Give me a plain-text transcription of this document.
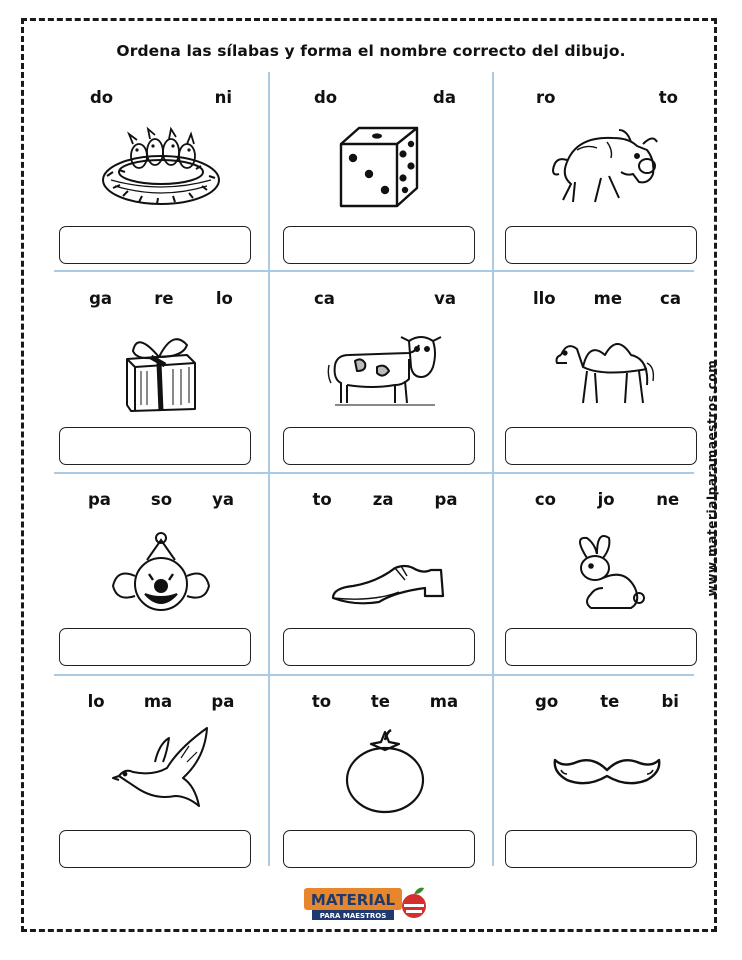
Ordena las sílabas y forma el nombre correcto del dibujo.
do	ni	do	da	ro	to
ga	re	lo	ca	va	llo me ca
pa so ya	to za pa	co	jo	ne
lo ma pa	to te ma	go	te	bi
www.materialparamaestros.com
MATERIAL
PARA MAESTROS
